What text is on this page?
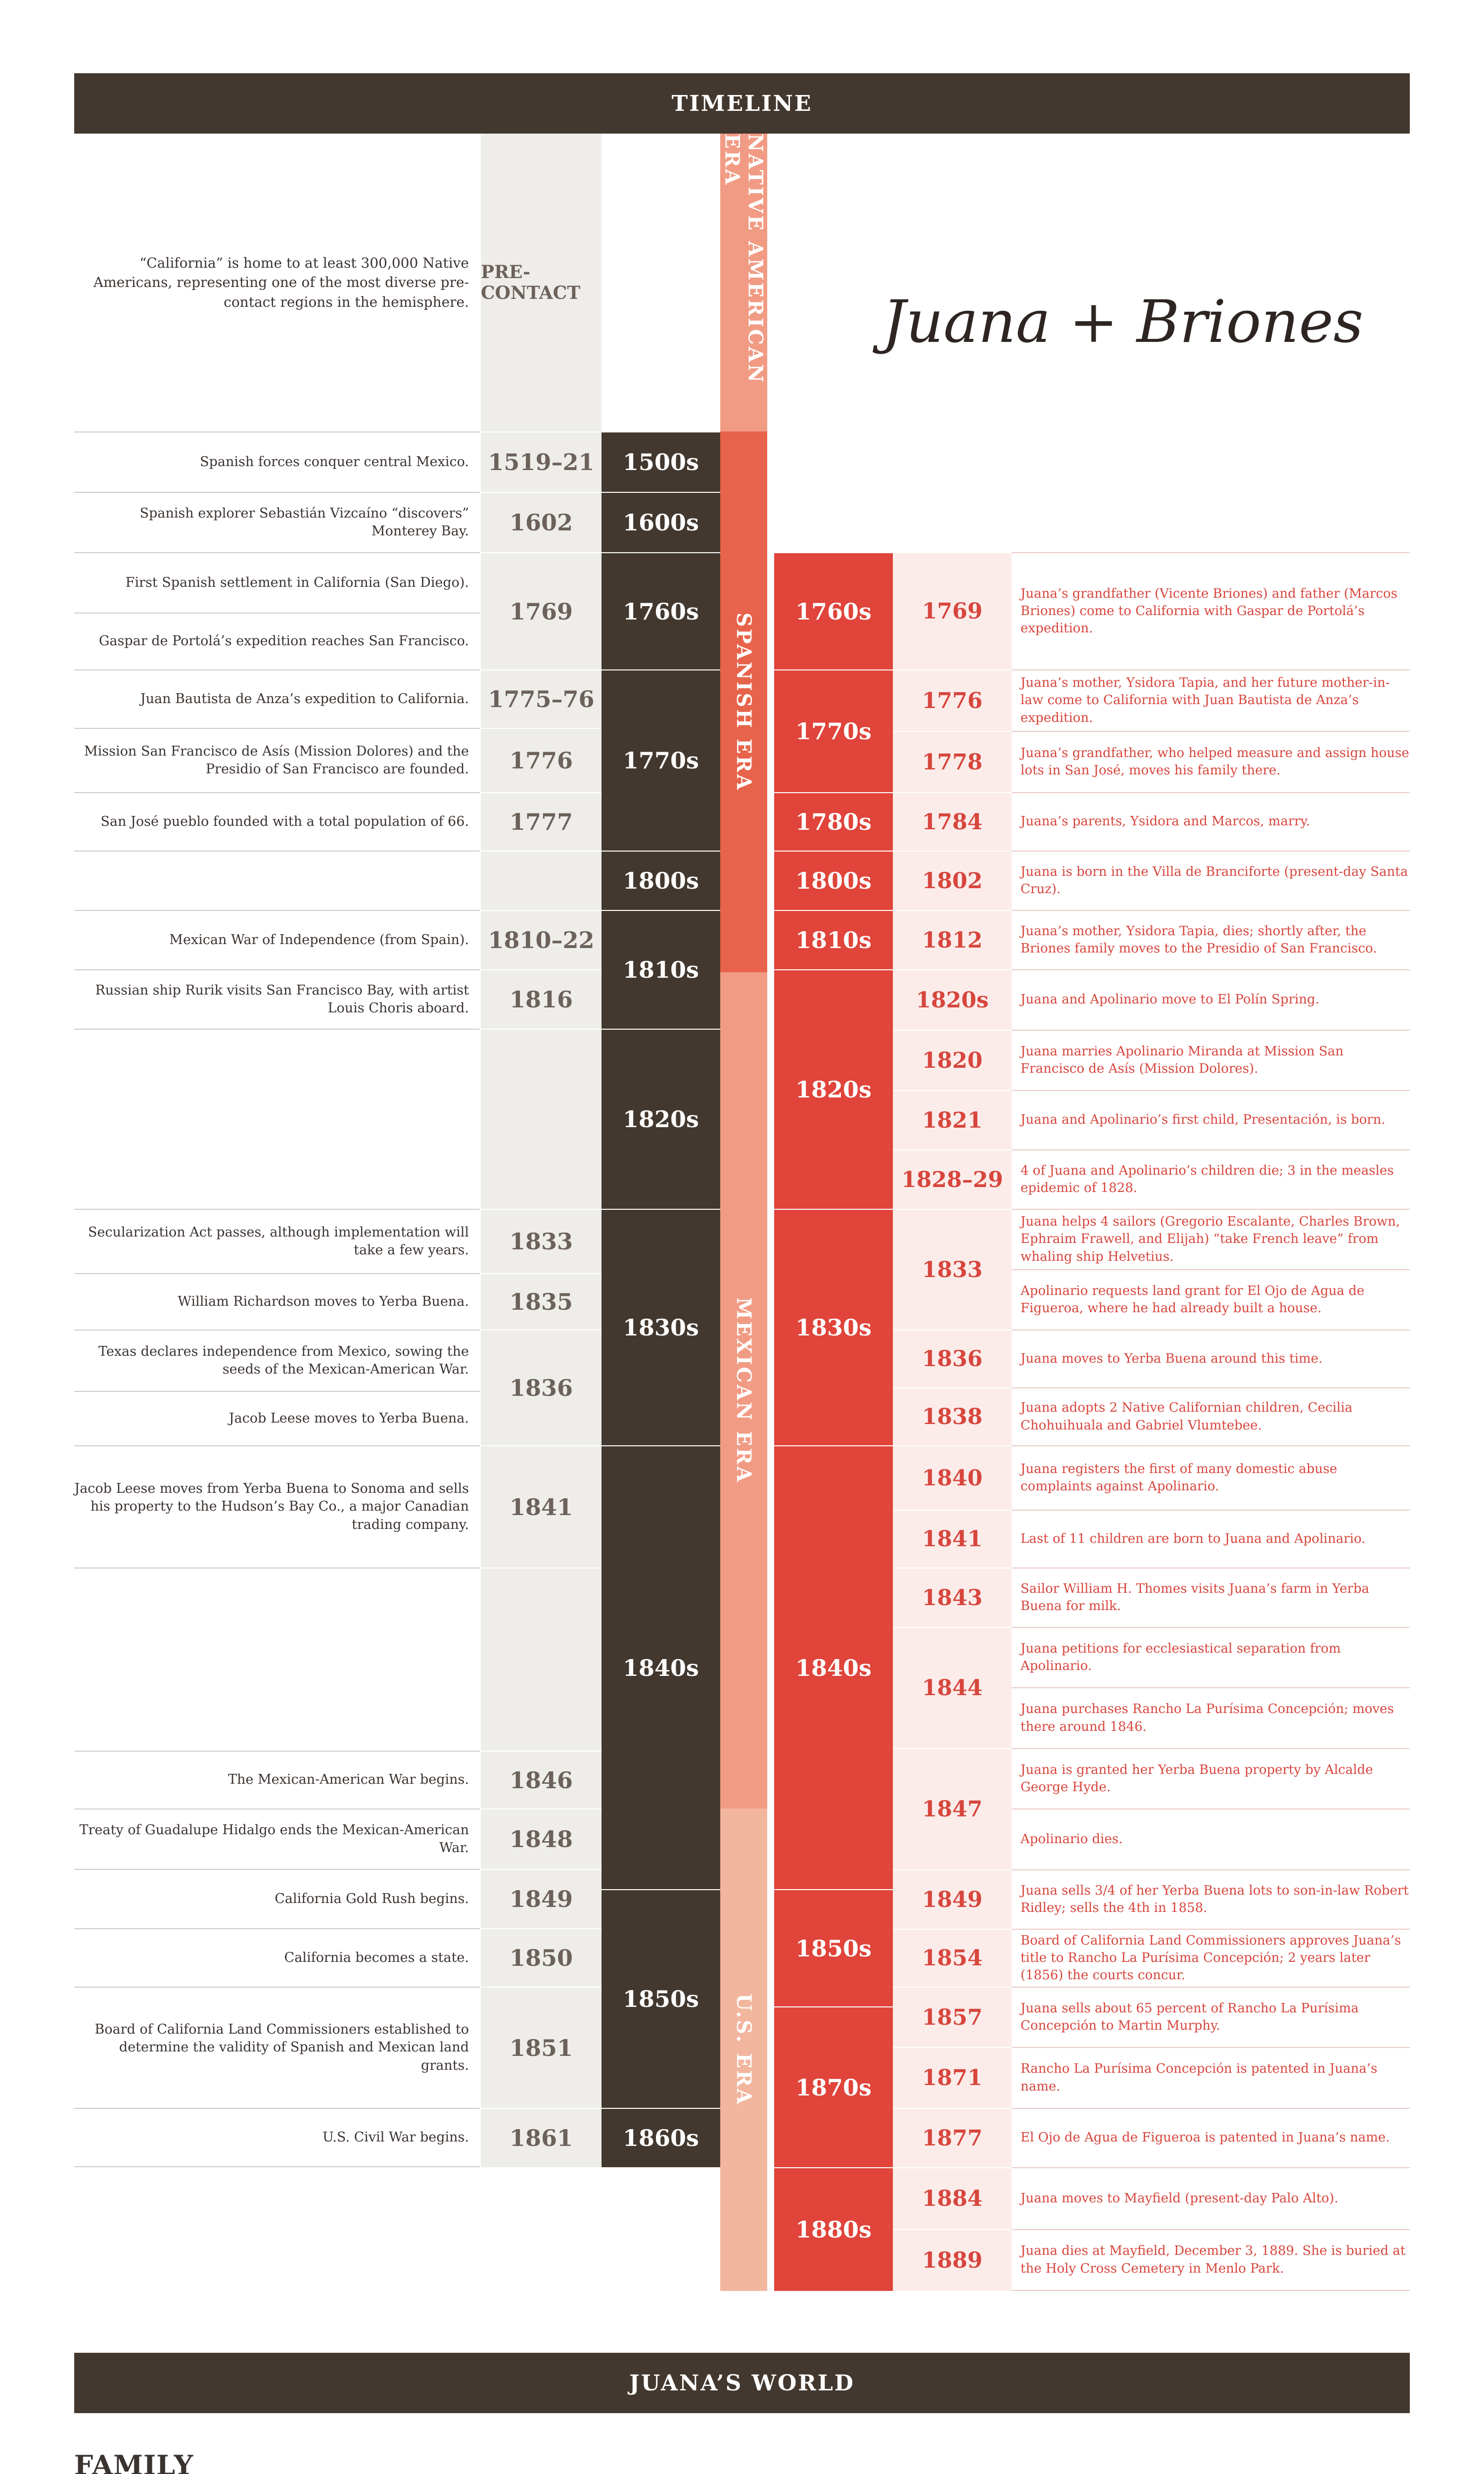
TIMELINE
“California” is home to at least 300,000 Native Americans, representing one of the most diverse pre-contact regions in the hemisphere.
PRE-CONTACT	Juana + Briones
NATIVE AMERICAN ERA
SPANISH ERA
MEXICAN ERA
U.S. ERA
Spanish forces conquer central Mexico.
Spanish explorer Sebastián Vizcaíno “discovers” Monterey Bay.
First Spanish settlement in California (San Diego).
Gaspar de Portolá’s expedition reaches San Francisco.
Juan Bautista de Anza’s expedition to California.
Mission San Francisco de Asís (Mission Dolores) and the Presidio of San Francisco are founded.
San José pueblo founded with a total population of 66.
Mexican War of Independence (from Spain).
Russian ship Rurik visits San Francisco Bay, with artist Louis Choris aboard.
Secularization Act passes, although implementation will take a few years.
William Richardson moves to Yerba Buena.
Texas declares independence from Mexico, sowing the seeds of the Mexican-American War.
Jacob Leese moves to Yerba Buena.
Jacob Leese moves from Yerba Buena to Sonoma and sells his property to the Hudson’s Bay Co., a major Canadian trading company.
The Mexican-American War begins.
Treaty of Guadalupe Hidalgo ends the Mexican-American War.
California Gold Rush begins.
California becomes a state.
Board of California Land Commissioners established to determine the validity of Spanish and Mexican land grants.
U.S. Civil War begins.
1519–21
1602
1769
1775–76
1776
1777
1810–22
1816
1833
1835
1836
1841
1846
1848
1849
1850
1851
1861
1500s
1600s
1760s
1770s
1800s
1810s
1820s
1830s
1840s
1850s
1860s
1760s
1770s
1780s
1800s
1810s
1820s
1830s
1840s
1850s
1870s
1880s
1769
1776
1778
1784
1802
1812
1820s
1820
1821
1828–29
1833
1836
1838
1840
1841
1843
1844
1847
1849
1854
1857
1871
1877
1884
1889
Juana’s grandfather (Vicente Briones) and father (Marcos Briones) come to California with Gaspar de Portolá’s expedition.
Juana’s mother, Ysidora Tapia, and her future mother-in-law come to California with Juan Bautista de Anza’s expedition.
Juana’s grandfather, who helped measure and assign house lots in San José, moves his family there.
Juana’s parents, Ysidora and Marcos, marry.
Juana is born in the Villa de Branciforte (present-day Santa Cruz).
Juana’s mother, Ysidora Tapia, dies; shortly after, the Briones family moves to the Presidio of San Francisco.
Juana and Apolinario move to El Polín Spring.
Juana marries Apolinario Miranda at Mission San Francisco de Asís (Mission Dolores).
Juana and Apolinario’s first child, Presentación, is born.
4 of Juana and Apolinario’s children die; 3 in the measles epidemic of 1828.
Juana helps 4 sailors (Gregorio Escalante, Charles Brown, Ephraim Frawell, and Elijah) “take French leave” from whaling ship Helvetius.
Apolinario requests land grant for El Ojo de Agua de Figueroa, where he had already built a house.
Juana moves to Yerba Buena around this time.
Juana adopts 2 Native Californian children, Cecilia Chohuihuala and Gabriel Vlumtebee.
Juana registers the first of many domestic abuse complaints against Apolinario.
Last of 11 children are born to Juana and Apolinario.
Sailor William H. Thomes visits Juana’s farm in Yerba Buena for milk.
Juana petitions for ecclesiastical separation from Apolinario.
Juana purchases Rancho La Purísima Concepción; moves there around 1846.
Juana is granted her Yerba Buena property by Alcalde George Hyde.
Apolinario dies.
Juana sells 3/4 of her Yerba Buena lots to son-in-law Robert Ridley; sells the 4th in 1858.
Board of California Land Commissioners approves Juana’s title to Rancho La Purísima Concepción; 2 years later (1856) the courts concur.
Juana sells about 65 percent of Rancho La Purísima Concepción to Martin Murphy.
Rancho La Purísima Concepción is patented in Juana’s name.
El Ojo de Agua de Figueroa is patented in Juana’s name.
Juana moves to Mayfield (present-day Palo Alto).
Juana dies at Mayfield, December 3, 1889. She is buried at the Holy Cross Cemetery in Menlo Park.
JUANA’S WORLD
FAMILY
